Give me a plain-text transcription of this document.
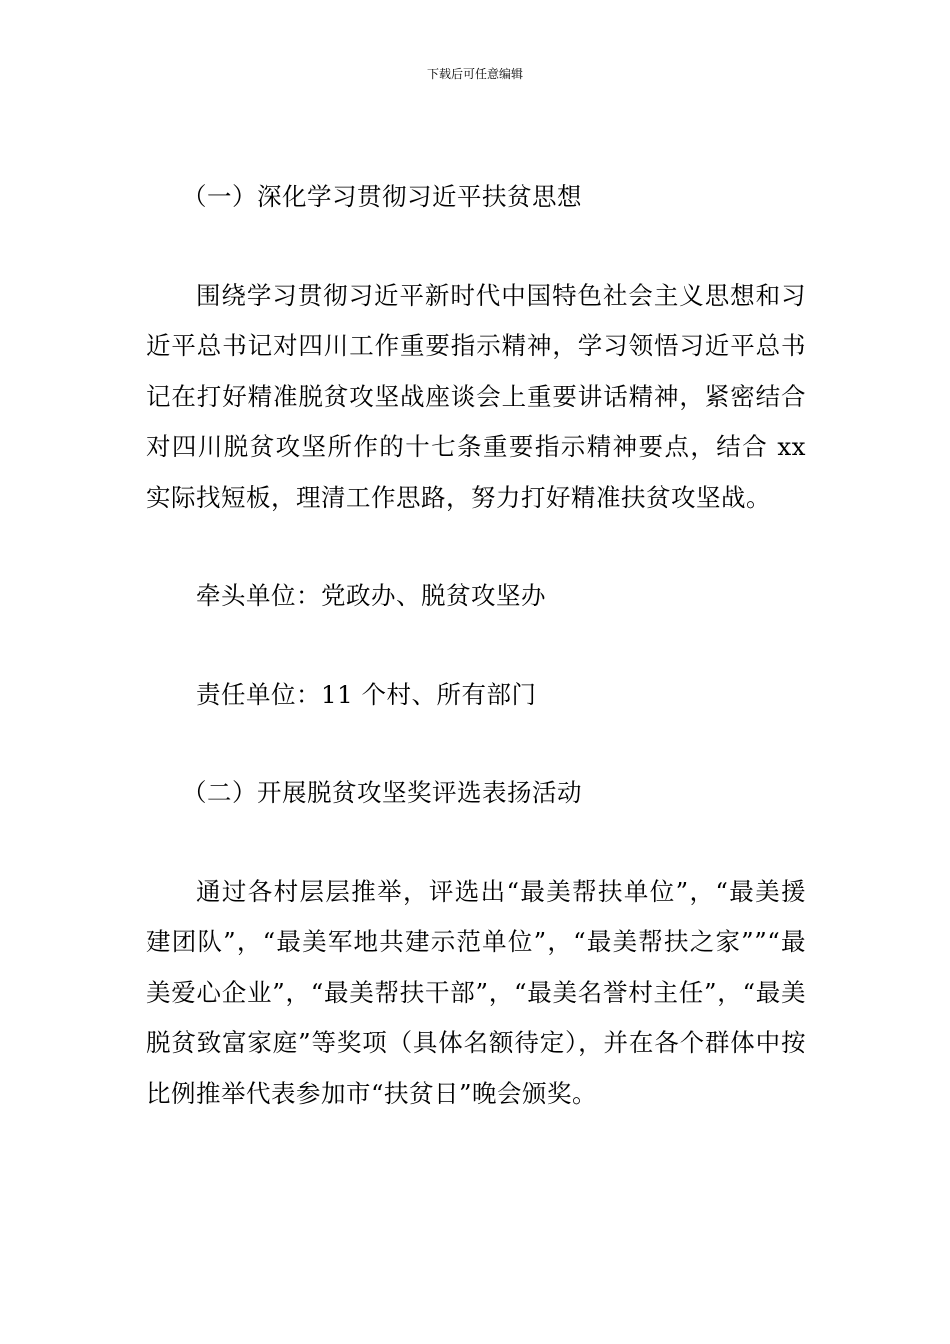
下载后可任意编辑

（一）深化学习贯彻习近平扶贫思想

围绕学习贯彻习近平新时代中国特色社会主义思想和习近平总书记对四川工作重要指示精神，学习领悟习近平总书记在打好精准脱贫攻坚战座谈会上重要讲话精神，紧密结合对四川脱贫攻坚所作的十七条重要指示精神要点，结合 xx 实际找短板，理清工作思路，努力打好精准扶贫攻坚战。

牵头单位：党政办、脱贫攻坚办

责任单位：11 个村、所有部门

（二）开展脱贫攻坚奖评选表扬活动

通过各村层层推举，评选出“最美帮扶单位”，“最美援建团队”，“最美军地共建示范单位”，“最美帮扶之家””“最美爱心企业”，“最美帮扶干部”，“最美名誉村主任”，“最美脱贫致富家庭”等奖项（具体名额待定），并在各个群体中按比例推举代表参加市“扶贫日”晚会颁奖。
